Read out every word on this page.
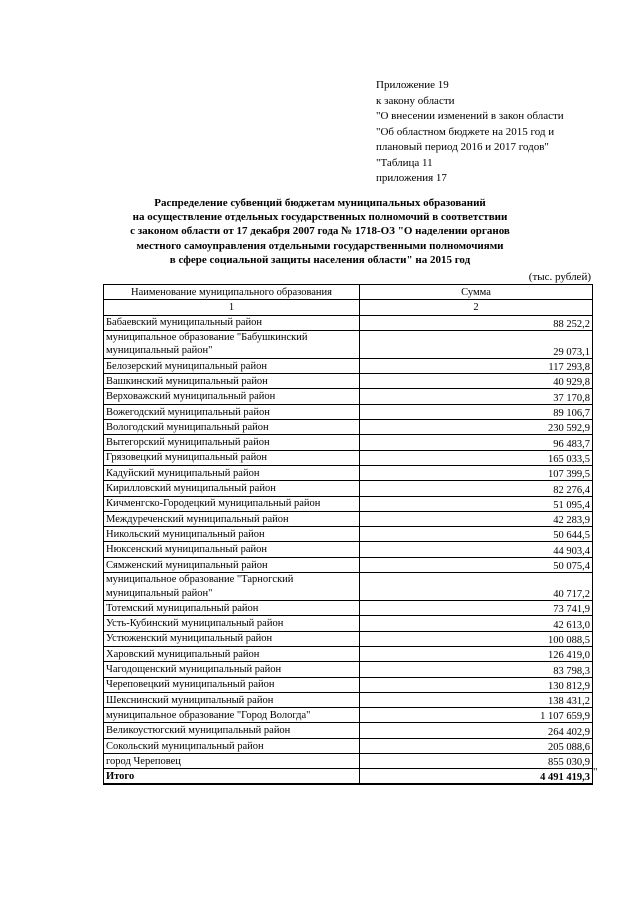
Приложение 19
к закону области
"О внесении изменений в закон области
"Об областном бюджете на 2015 год и
плановый период 2016 и 2017 годов"
"Таблица 11
приложения 17
Распределение субвенций бюджетам муниципальных образований
на осуществление отдельных государственных полномочий в соответствии
с законом области от 17 декабря 2007 года № 1718-ОЗ "О наделении органов
местного самоуправления отдельными государственными полномочиями
в сфере социальной защиты населения области" на 2015 год
(тыс. рублей)
Наименование муниципального образования	Сумма
1	2
Бабаевский муниципальный район	88 252,2
муниципальное образование "Бабушкинский муниципальный район"	29 073,1
Белозерский муниципальный район	117 293,8
Вашкинский муниципальный район	40 929,8
Верховажский муниципальный район	37 170,8
Вожегодский муниципальный район	89 106,7
Вологодский муниципальный район	230 592,9
Вытегорский муниципальный район	96 483,7
Грязовецкий муниципальный район	165 033,5
Кадуйский муниципальный район	107 399,5
Кирилловский муниципальный район	82 276,4
Кичменгско-Городецкий муниципальный район	51 095,4
Междуреченский муниципальный район	42 283,9
Никольский муниципальный район	50 644,5
Нюксенский муниципальный район	44 903,4
Сямженский муниципальный район	50 075,4
муниципальное образование "Тарногский муниципальный район"	40 717,2
Тотемский муниципальный район	73 741,9
Усть-Кубинский муниципальный район	42 613,0
Устюженский муниципальный район	100 088,5
Харовский муниципальный район	126 419,0
Чагодощенский муниципальный район	83 798,3
Череповецкий муниципальный район	130 812,9
Шекснинский муниципальный район	138 431,2
муниципальное образование "Город Вологда"	1 107 659,9
Великоустюгский муниципальный район	264 402,9
Сокольский муниципальный район	205 088,6
город Череповец	855 030,9
Итого	4 491 419,3 "
